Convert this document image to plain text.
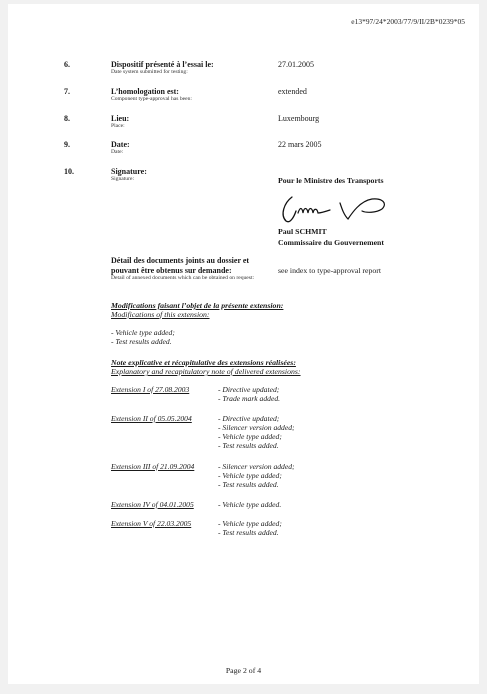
e13*97/24*2003/77/9/II/2B*0239*05
6.	Dispositif présenté à l’essai le:
Date system submitted for testing:
27.01.2005
7.	L’homologation est:
Component type-approval has been:
extended
8.	Lieu:
Place:
Luxembourg
9.	Date:
Date:
22 mars 2005
10.	Signature:
Signature:	Pour le Ministre des Transports
Paul SCHMIT
Commissaire du Gouvernement
Détail des documents joints au dossier et pouvant être obtenus sur demande:
Detail of annexed documents which can be obtained on request:
see index to type-approval report
Modifications faisant l’objet de la présente extension:
Modifications of this extension:
- Vehicle type added;
- Test results added.
Note explicative et récapitulative des extensions réalisées:
Explanatory and recapitulatory note of delivered extensions:
Extension I of 27.08.2003	- Directive updated;
- Trade mark added.
Extension II of 05.05.2004	- Directive updated;
- Silencer version added;
- Vehicle type added;
- Test results added.
Extension III of 21.09.2004	- Silencer version added;
- Vehicle type added;
- Test results added.
Extension IV of 04.01.2005	- Vehicle type added.
Extension V of 22.03.2005	- Vehicle type added;
- Test results added.
Page 2 of 4
